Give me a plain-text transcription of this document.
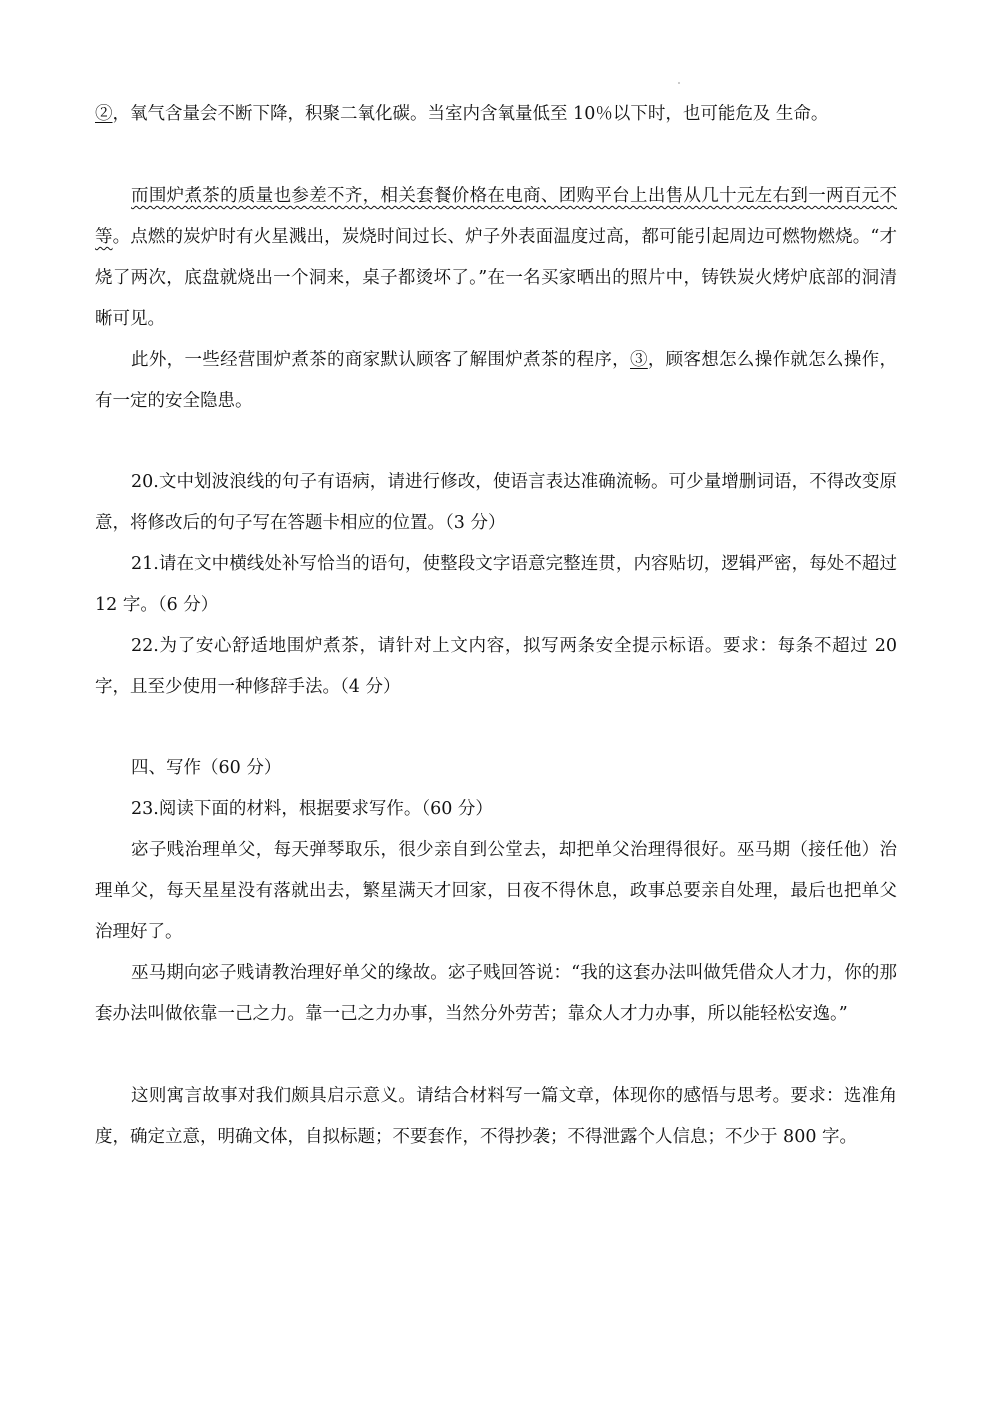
②，氧气含量会不断下降，积聚二氧化碳。当室内含氧量低至 10％以下时，也可能危及 生命。

而围炉煮茶的质量也参差不齐，相关套餐价格在电商、团购平台上出售从几十元左右到一两百元不等。点燃的炭炉时有火星溅出，炭烧时间过长、炉子外表面温度过高，都可能引起周边可燃物燃烧。“才烧了两次，底盘就烧出一个洞来，桌子都烫坏了。”在一名买家晒出的照片中，铸铁炭火烤炉底部的洞清晰可见。

此外，一些经营围炉煮茶的商家默认顾客了解围炉煮茶的程序，③，顾客想怎么操作就怎么操作，有一定的安全隐患。

20.文中划波浪线的句子有语病，请进行修改，使语言表达准确流畅。可少量增删词语，不得改变原意，将修改后的句子写在答题卡相应的位置。（3 分）

21.请在文中横线处补写恰当的语句，使整段文字语意完整连贯，内容贴切，逻辑严密，每处不超过 12 字。（6 分）

22.为了安心舒适地围炉煮茶，请针对上文内容，拟写两条安全提示标语。要求：每条不超过 20 字，且至少使用一种修辞手法。（4 分）

四、写作（60 分）

23.阅读下面的材料，根据要求写作。（60 分）

宓子贱治理单父，每天弹琴取乐，很少亲自到公堂去，却把单父治理得很好。巫马期（接任他）治理单父，每天星星没有落就出去，繁星满天才回家，日夜不得休息，政事总要亲自处理，最后也把单父治理好了。

巫马期向宓子贱请教治理好单父的缘故。宓子贱回答说：“我的这套办法叫做凭借众人才力，你的那套办法叫做依靠一己之力。靠一己之力办事，当然分外劳苦；靠众人才力办事，所以能轻松安逸。”

这则寓言故事对我们颇具启示意义。请结合材料写一篇文章，体现你的感悟与思考。要求：选准角度，确定立意，明确文体，自拟标题；不要套作，不得抄袭；不得泄露个人信息；不少于 800 字。
